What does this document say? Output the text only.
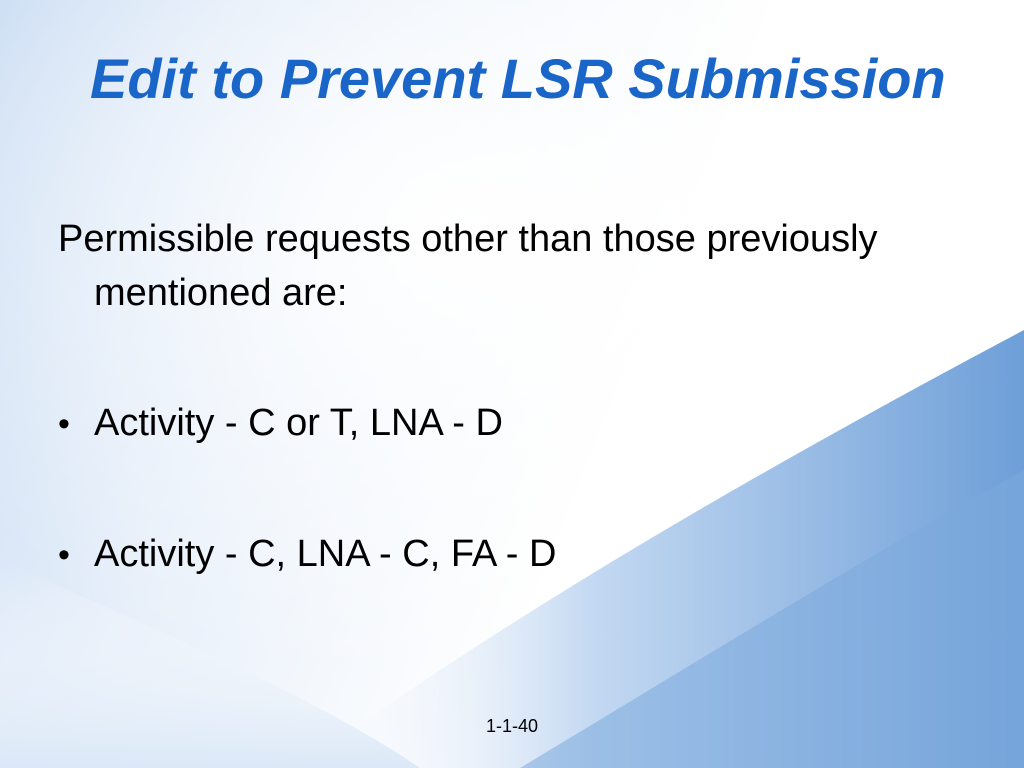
Edit to Prevent LSR Submission

Permissible requests other than those previously mentioned are:

• Activity - C or T, LNA - D
• Activity - C, LNA - C, FA - D
1-1-40
